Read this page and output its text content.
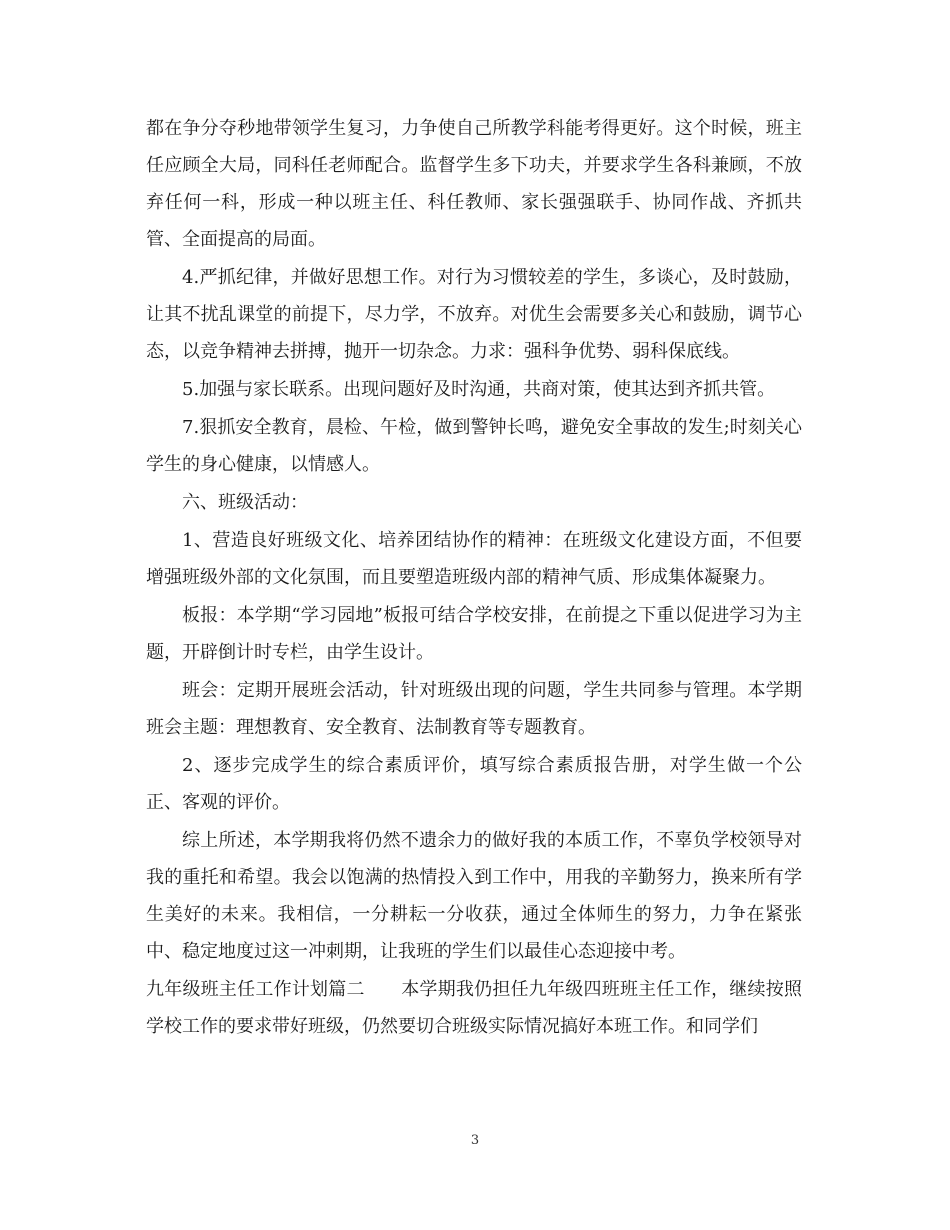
都在争分夺秒地带领学生复习，力争使自己所教学科能考得更好。这个时候，班主任应顾全大局，同科任老师配合。监督学生多下功夫，并要求学生各科兼顾，不放弃任何一科，形成一种以班主任、科任教师、家长强强联手、协同作战、齐抓共管、全面提高的局面。

4.严抓纪律，并做好思想工作。对行为习惯较差的学生，多谈心，及时鼓励，让其不扰乱课堂的前提下，尽力学，不放弃。对优生会需要多关心和鼓励，调节心态，以竞争精神去拼搏，抛开一切杂念。力求：强科争优势、弱科保底线。

5.加强与家长联系。出现问题好及时沟通，共商对策，使其达到齐抓共管。

7.狠抓安全教育，晨检、午检，做到警钟长鸣，避免安全事故的发生;时刻关心学生的身心健康，以情感人。

六、班级活动：

1、营造良好班级文化、培养团结协作的精神：在班级文化建设方面，不但要增强班级外部的文化氛围，而且要塑造班级内部的精神气质、形成集体凝聚力。

板报：本学期“学习园地”板报可结合学校安排，在前提之下重以促进学习为主题，开辟倒计时专栏，由学生设计。

班会：定期开展班会活动，针对班级出现的问题，学生共同参与管理。本学期班会主题：理想教育、安全教育、法制教育等专题教育。

2、逐步完成学生的综合素质评价，填写综合素质报告册，对学生做一个公正、客观的评价。

综上所述，本学期我将仍然不遗余力的做好我的本质工作，不辜负学校领导对我的重托和希望。我会以饱满的热情投入到工作中，用我的辛勤努力，换来所有学生美好的未来。我相信，一分耕耘一分收获，通过全体师生的努力，力争在紧张中、稳定地度过这一冲刺期，让我班的学生们以最佳心态迎接中考。

九年级班主任工作计划篇二　　本学期我仍担任九年级四班班主任工作，继续按照学校工作的要求带好班级，仍然要切合班级实际情况搞好本班工作。和同学们

3
